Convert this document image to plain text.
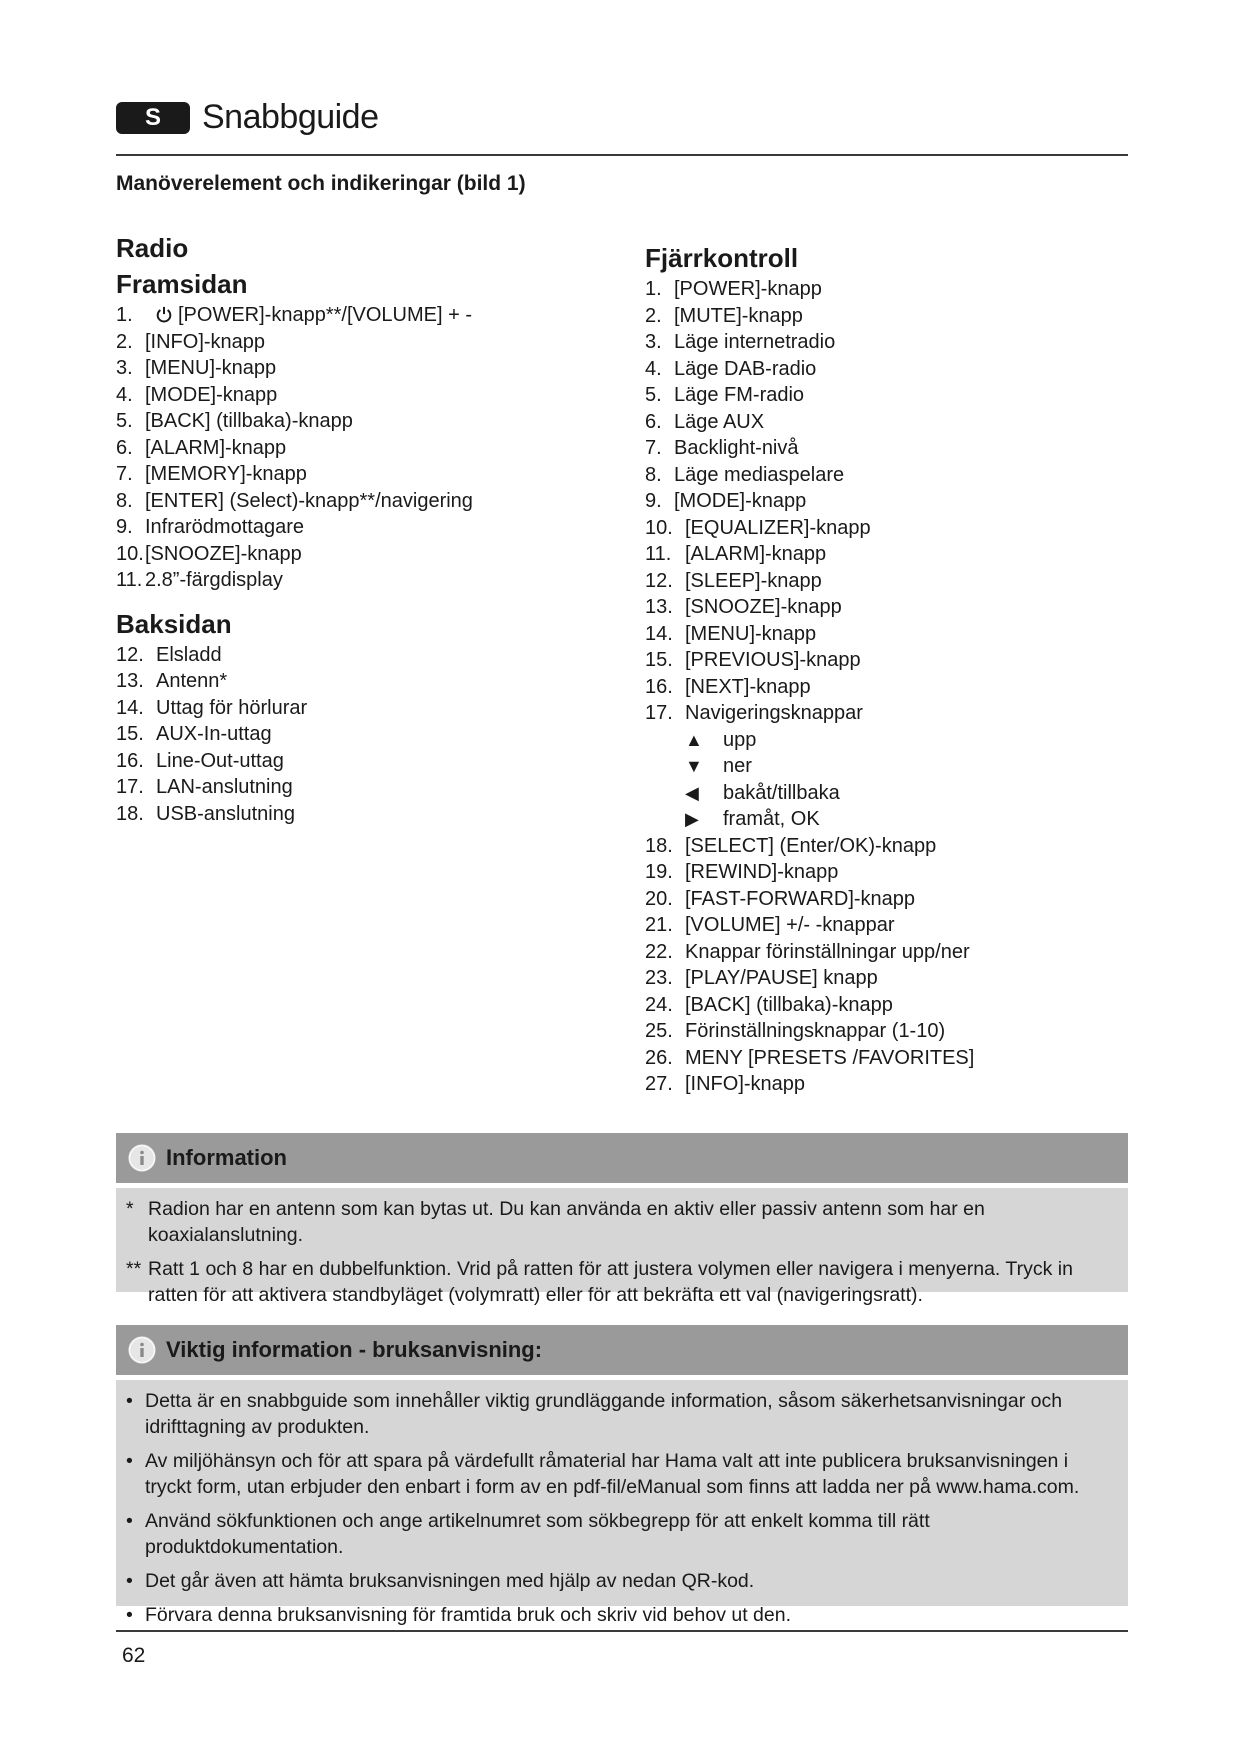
S	Snabbguide
Manöverelement och indikeringar (bild 1)
Radio
Framsidan
1.	[POWER]-knapp**/[VOLUME] + -
2. [INFO]-knapp
3. [MENU]-knapp
4. [MODE]-knapp
5. [BACK] (tillbaka)-knapp
6. [ALARM]-knapp
7. [MEMORY]-knapp
8. [ENTER] (Select)-knapp**/navigering
9. Infrarödmottagare
10. [SNOOZE]-knapp
11. 2.8”-färgdisplay
Baksidan
12. Elsladd
13. Antenn*
14. Uttag för hörlurar
15. AUX-In-uttag
16. Line-Out-uttag
17. LAN-anslutning
18. USB-anslutning
Fjärrkontroll
1. [POWER]-knapp
2. [MUTE]-knapp
3. Läge internetradio
4. Läge DAB-radio
5. Läge FM-radio
6. Läge AUX
7. Backlight-nivå
8. Läge mediaspelare
9. [MODE]-knapp
10. [EQUALIZER]-knapp
11. [ALARM]-knapp
12. [SLEEP]-knapp
13. [SNOOZE]-knapp
14. [MENU]-knapp
15. [PREVIOUS]-knapp
16. [NEXT]-knapp
17. Navigeringsknappar
▲	upp
▼	ner
◀	bakåt/tillbaka
▶	framåt, OK
18. [SELECT] (Enter/OK)-knapp
19. [REWIND]-knapp
20. [FAST-FORWARD]-knapp
21. [VOLUME] +/- -knappar
22. Knappar förinställningar upp/ner
23. [PLAY/PAUSE] knapp
24. [BACK] (tillbaka)-knapp
25. Förinställningsknappar (1-10)
26. MENY [PRESETS /FAVORITES]
27. [INFO]-knapp
Information
* Radion har en antenn som kan bytas ut. Du kan använda en aktiv eller passiv antenn som har en koaxialanslutning.
** Ratt 1 och 8 har en dubbelfunktion. Vrid på ratten för att justera volymen eller navigera i menyerna. Tryck in ratten för att aktivera standbyläget (volymratt) eller för att bekräfta ett val (navigeringsratt).
Viktig information - bruksanvisning:
• Detta är en snabbguide som innehåller viktig grundläggande information, såsom säkerhetsanvisningar och idrifttagning av produkten.
• Av miljöhänsyn och för att spara på värdefullt råmaterial har Hama valt att inte publicera bruksanvisningen i tryckt form, utan erbjuder den enbart i form av en pdf-fil/eManual som finns att ladda ner på www.hama.com.
• Använd sökfunktionen och ange artikelnumret som sökbegrepp för att enkelt komma till rätt produktdokumentation.
• Det går även att hämta bruksanvisningen med hjälp av nedan QR-kod.
• Förvara denna bruksanvisning för framtida bruk och skriv vid behov ut den.
62
